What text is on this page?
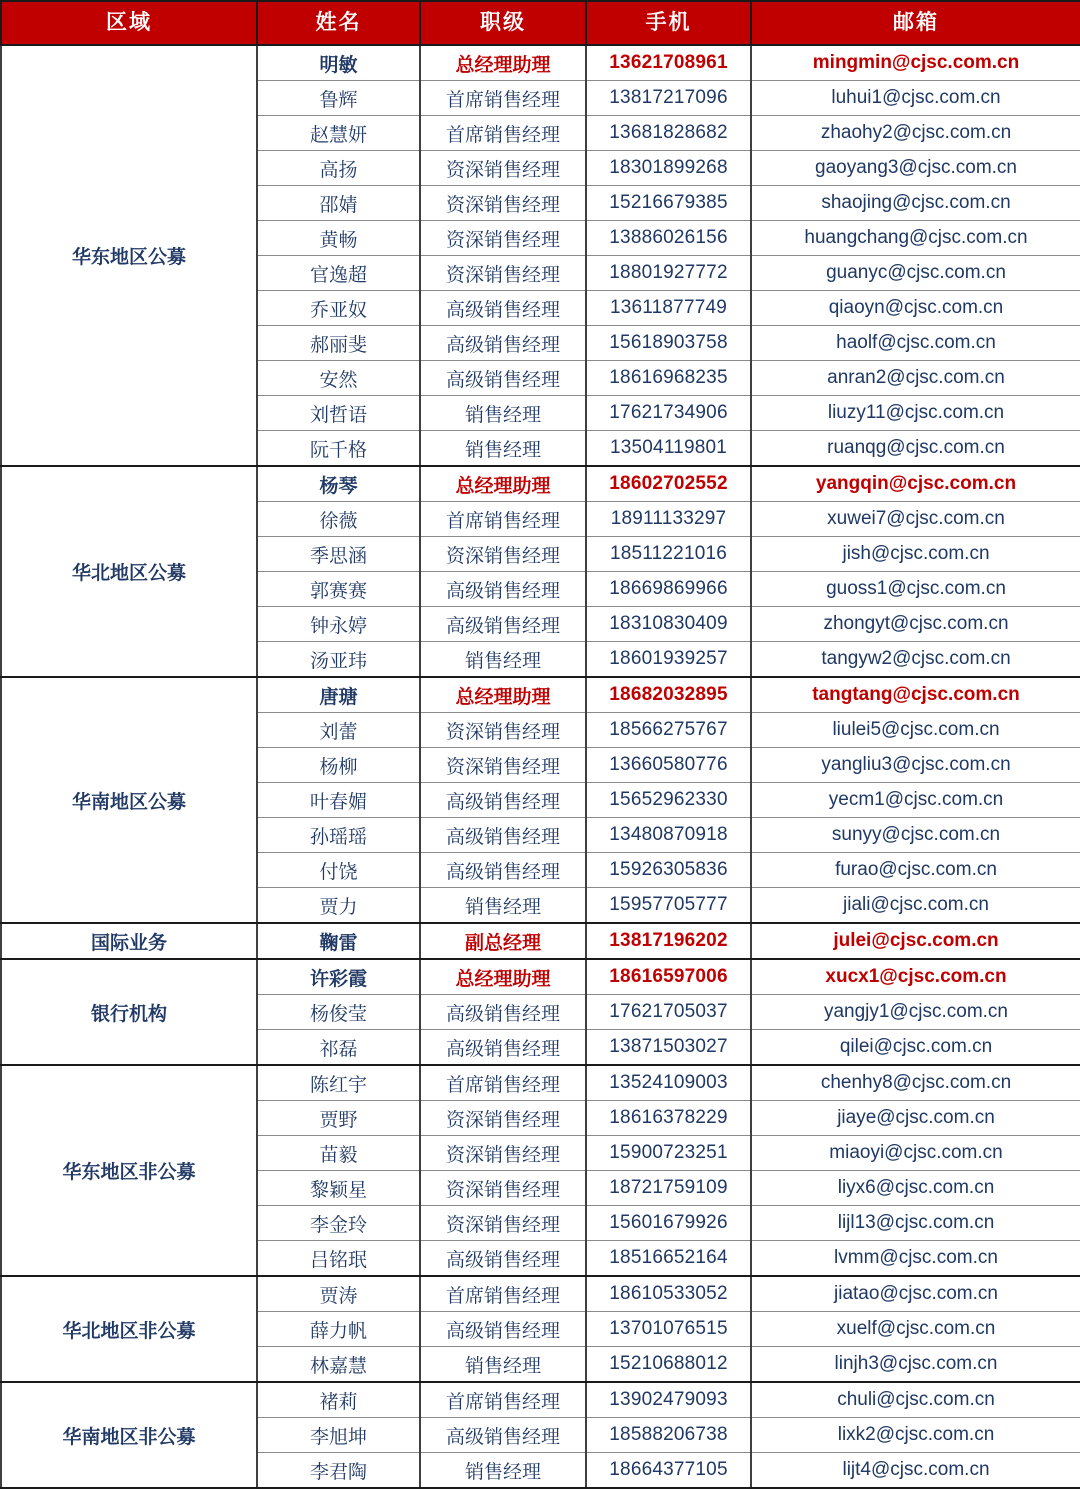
区域	姓名	职级	手机	邮箱
华东地区公募	明敏	总经理助理	13621708961	mingmin@cjsc.com.cn
	鲁辉	首席销售经理	13817217096	luhui1@cjsc.com.cn
	赵慧妍	首席销售经理	13681828682	zhaohy2@cjsc.com.cn
	高扬	资深销售经理	18301899268	gaoyang3@cjsc.com.cn
	邵婧	资深销售经理	15216679385	shaojing@cjsc.com.cn
	黄畅	资深销售经理	13886026156	huangchang@cjsc.com.cn
	官逸超	资深销售经理	18801927772	guanyc@cjsc.com.cn
	乔亚奴	高级销售经理	13611877749	qiaoyn@cjsc.com.cn
	郝丽斐	高级销售经理	15618903758	haolf@cjsc.com.cn
	安然	高级销售经理	18616968235	anran2@cjsc.com.cn
	刘哲语	销售经理	17621734906	liuzy11@cjsc.com.cn
	阮千格	销售经理	13504119801	ruanqg@cjsc.com.cn
华北地区公募	杨琴	总经理助理	18602702552	yangqin@cjsc.com.cn
	徐薇	首席销售经理	18911133297	xuwei7@cjsc.com.cn
	季思涵	资深销售经理	18511221016	jish@cjsc.com.cn
	郭赛赛	高级销售经理	18669869966	guoss1@cjsc.com.cn
	钟永婷	高级销售经理	18310830409	zhongyt@cjsc.com.cn
	汤亚玮	销售经理	18601939257	tangyw2@cjsc.com.cn
华南地区公募	唐瑭	总经理助理	18682032895	tangtang@cjsc.com.cn
	刘蕾	资深销售经理	18566275767	liulei5@cjsc.com.cn
	杨柳	资深销售经理	13660580776	yangliu3@cjsc.com.cn
	叶春媚	高级销售经理	15652962330	yecm1@cjsc.com.cn
	孙瑶瑶	高级销售经理	13480870918	sunyy@cjsc.com.cn
	付饶	高级销售经理	15926305836	furao@cjsc.com.cn
	贾力	销售经理	15957705777	jiali@cjsc.com.cn
国际业务	鞠雷	副总经理	13817196202	julei@cjsc.com.cn
银行机构	许彩霞	总经理助理	18616597006	xucx1@cjsc.com.cn
	杨俊莹	高级销售经理	17621705037	yangjy1@cjsc.com.cn
	祁磊	高级销售经理	13871503027	qilei@cjsc.com.cn
华东地区非公募	陈红宇	首席销售经理	13524109003	chenhy8@cjsc.com.cn
	贾野	资深销售经理	18616378229	jiaye@cjsc.com.cn
	苗毅	资深销售经理	15900723251	miaoyi@cjsc.com.cn
	黎颖星	资深销售经理	18721759109	liyx6@cjsc.com.cn
	李金玲	资深销售经理	15601679926	lijl13@cjsc.com.cn
	吕铭珉	高级销售经理	18516652164	lvmm@cjsc.com.cn
华北地区非公募	贾涛	首席销售经理	18610533052	jiatao@cjsc.com.cn
	薛力帆	高级销售经理	13701076515	xuelf@cjsc.com.cn
	林嘉慧	销售经理	15210688012	linjh3@cjsc.com.cn
华南地区非公募	褚莉	首席销售经理	13902479093	chuli@cjsc.com.cn
	李旭坤	高级销售经理	18588206738	lixk2@cjsc.com.cn
	李君陶	销售经理	18664377105	lijt4@cjsc.com.cn
